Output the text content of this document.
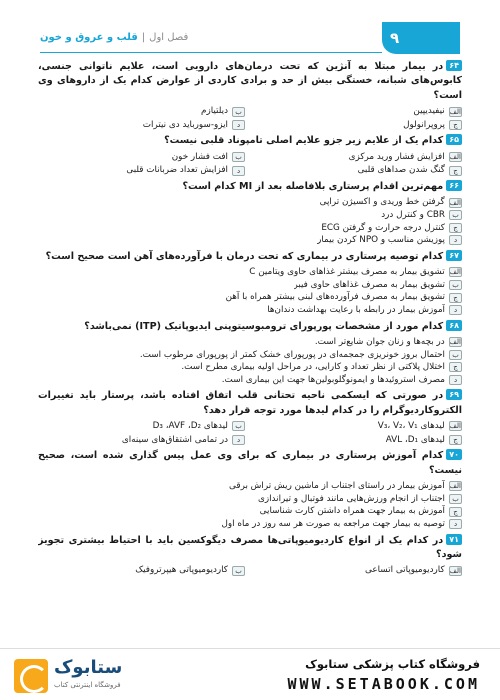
۹
فصل اول|قلب و عروق و خون
۶۴در بیمار مبتلا به آنژین که تحت درمان‌های دارویی است، علایم ناتوانی جنسی، کابوس‌های شبانه، خستگی بیش از حد و برادی کاردی از عوارض کدام یک از داروهای وی است؟
الف
نیفیدیپین
ب
دیلتیازم
ج
پروپرانولول
د
ایزو-سورباید دی نیترات
۶۵کدام یک از علایم زیر جزو علایم اصلی تامپوناد قلبی نیست؟
الف
افزایش فشار ورید مرکزی
ب
افت فشار خون
ج
گنگ شدن صداهای قلبی
د
افزایش تعداد ضربانات قلبی
۶۶مهم‌ترین اقدام پرستاری بلافاصله بعد از MI کدام است؟
الف
گرفتن خط وریدی و اکسیژن تراپی
ب
CBR و کنترل درد
ج
کنترل درجه حرارت و گرفتن ECG
د
پوزیشن مناسب و NPO کردن بیمار
۶۷کدام توصیه پرستاری در بیماری که تحت درمان با فرآورده‌های آهن است صحیح است؟
الف
تشویق بیمار به مصرف بیشتر غذاهای حاوی ویتامین C
ب
تشویق بیمار به مصرف غذاهای حاوی فیبر
ج
تشویق بیمار به مصرف فرآورده‌های لبنی بیشتر همراه با آهن
د
آموزش بیمار در رابطه با رعایت بهداشت دندان‌ها
۶۸کدام مورد از مشخصات پورپورای ترومبوسیتوپنی ایدیوپاتیک (ITP) نمی‌باشد؟
الف
در بچه‌ها و زنان جوان شایع‌تر است.
ب
احتمال بروز خونریزی جمجمه‌ای در پورپورای خشک کمتر از پورپورای مرطوب است.
ج
اختلال پلاکتی از نظر تعداد و کارایی، در مراحل اولیه بیماری مطرح است.
د
مصرف استروئیدها و ایمونوگلوبولین‌ها جهت این بیماری است.
۶۹در صورتی که ایسکمی ناحیه تحتانی قلب اتفاق افتاده باشد، پرستار باید تغییرات الکتروکاردیوگرام را در کدام لیدها مورد توجه قرار دهد؟
الف
لیدهای V₃، V₂، V₁
ب
لیدهای D₃ ،AVF ،D₂
ج
لیدهای AVL ،D₁
د
در تمامی اشتقاق‌های سینه‌ای
۷۰کدام آموزش پرستاری در بیماری که برای وی عمل پیس گذاری شده است، صحیح نیست؟
الف
آموزش بیمار در راستای اجتناب از ماشین ریش تراش برقی
ب
اجتناب از انجام ورزش‌هایی مانند فوتبال و تیراندازی
ج
آموزش به بیمار جهت همراه داشتن کارت شناسایی
د
توصیه به بیمار جهت مراجعه به صورت هر سه روز در ماه اول
۷۱در کدام یک از انواع کاردیومیوپاتی‌ها مصرف دیگوکسین باید با احتیاط بیشتری تجویز شود؟
الف
کاردیومیوپاتی اتساعی
ب
کاردیومیوپاتی هیپرتروفیک
ستابوک
فروشگاه اینترنتی کتاب
فروشگاه کتاب پزشکی ستابوک
WWW.SETABOOK.COM
